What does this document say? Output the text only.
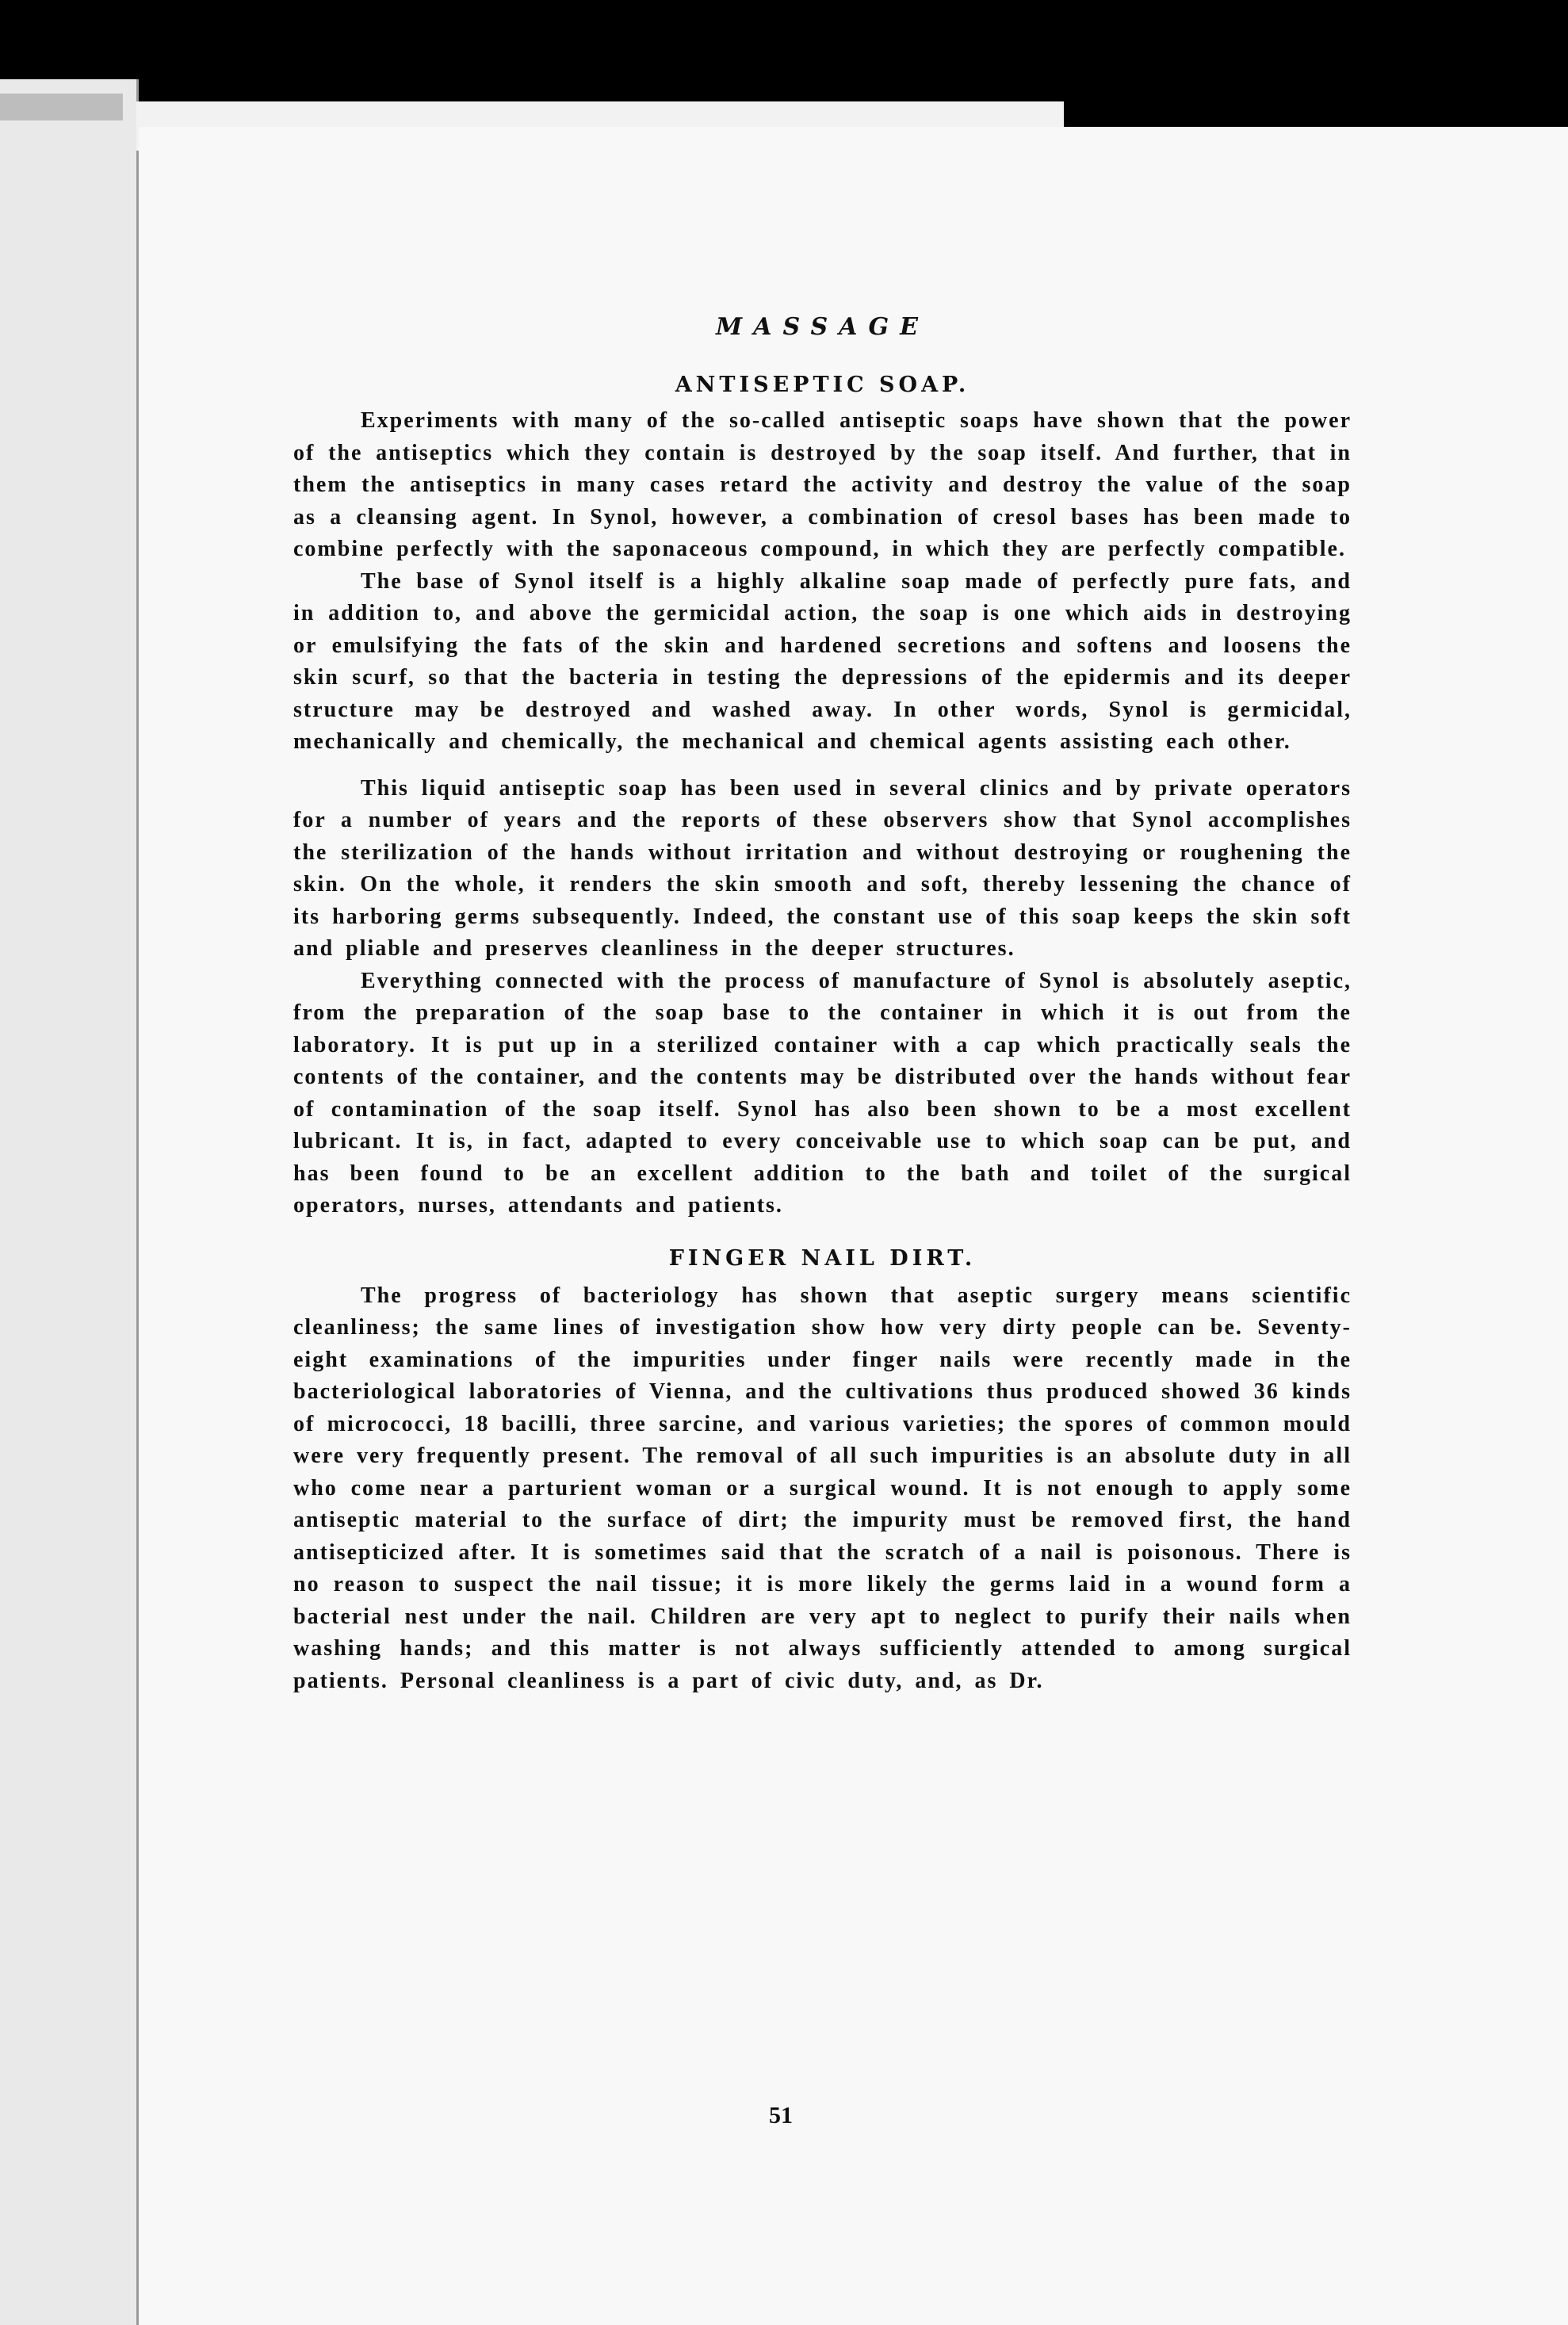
MASSAGE
ANTISEPTIC SOAP.

Experiments with many of the so-called antiseptic soaps have shown that the power of the antiseptics which they contain is destroyed by the soap itself. And further, that in them the antiseptics in many cases retard the activity and destroy the value of the soap as a cleansing agent. In Synol, however, a combination of cresol bases has been made to combine perfectly with the saponaceous compound, in which they are perfectly compatible.

The base of Synol itself is a highly alkaline soap made of perfectly pure fats, and in addition to, and above the germicidal action, the soap is one which aids in destroying or emulsifying the fats of the skin and hardened secretions and softens and loosens the skin scurf, so that the bacteria in testing the depressions of the epidermis and its deeper structure may be destroyed and washed away. In other words, Synol is germicidal, mechanically and chemically, the mechanical and chemical agents assisting each other.

This liquid antiseptic soap has been used in several clinics and by private operators for a number of years and the reports of these observers show that Synol accomplishes the sterilization of the hands without irritation and without destroying or roughening the skin. On the whole, it renders the skin smooth and soft, thereby lessening the chance of its harboring germs subsequently. Indeed, the constant use of this soap keeps the skin soft and pliable and preserves cleanliness in the deeper structures.

Everything connected with the process of manufacture of Synol is absolutely aseptic, from the preparation of the soap base to the container in which it is out from the laboratory. It is put up in a sterilized container with a cap which practically seals the contents of the container, and the contents may be distributed over the hands without fear of contamination of the soap itself. Synol has also been shown to be a most excellent lubricant. It is, in fact, adapted to every conceivable use to which soap can be put, and has been found to be an excellent addition to the bath and toilet of the surgical operators, nurses, attendants and patients.

FINGER NAIL DIRT.

The progress of bacteriology has shown that aseptic surgery means scientific cleanliness; the same lines of investigation show how very dirty people can be. Seventy-eight examinations of the impurities under finger nails were recently made in the bacteriological laboratories of Vienna, and the cultivations thus produced showed 36 kinds of micrococci, 18 bacilli, three sarcine, and various varieties; the spores of common mould were very frequently present. The removal of all such impurities is an absolute duty in all who come near a parturient woman or a surgical wound. It is not enough to apply some antiseptic material to the surface of dirt; the impurity must be removed first, the hand antisepticized after. It is sometimes said that the scratch of a nail is poisonous. There is no reason to suspect the nail tissue; it is more likely the germs laid in a wound form a bacterial nest under the nail. Children are very apt to neglect to purify their nails when washing hands; and this matter is not always sufficiently attended to among surgical patients. Personal cleanliness is a part of civic duty, and, as Dr.

51
